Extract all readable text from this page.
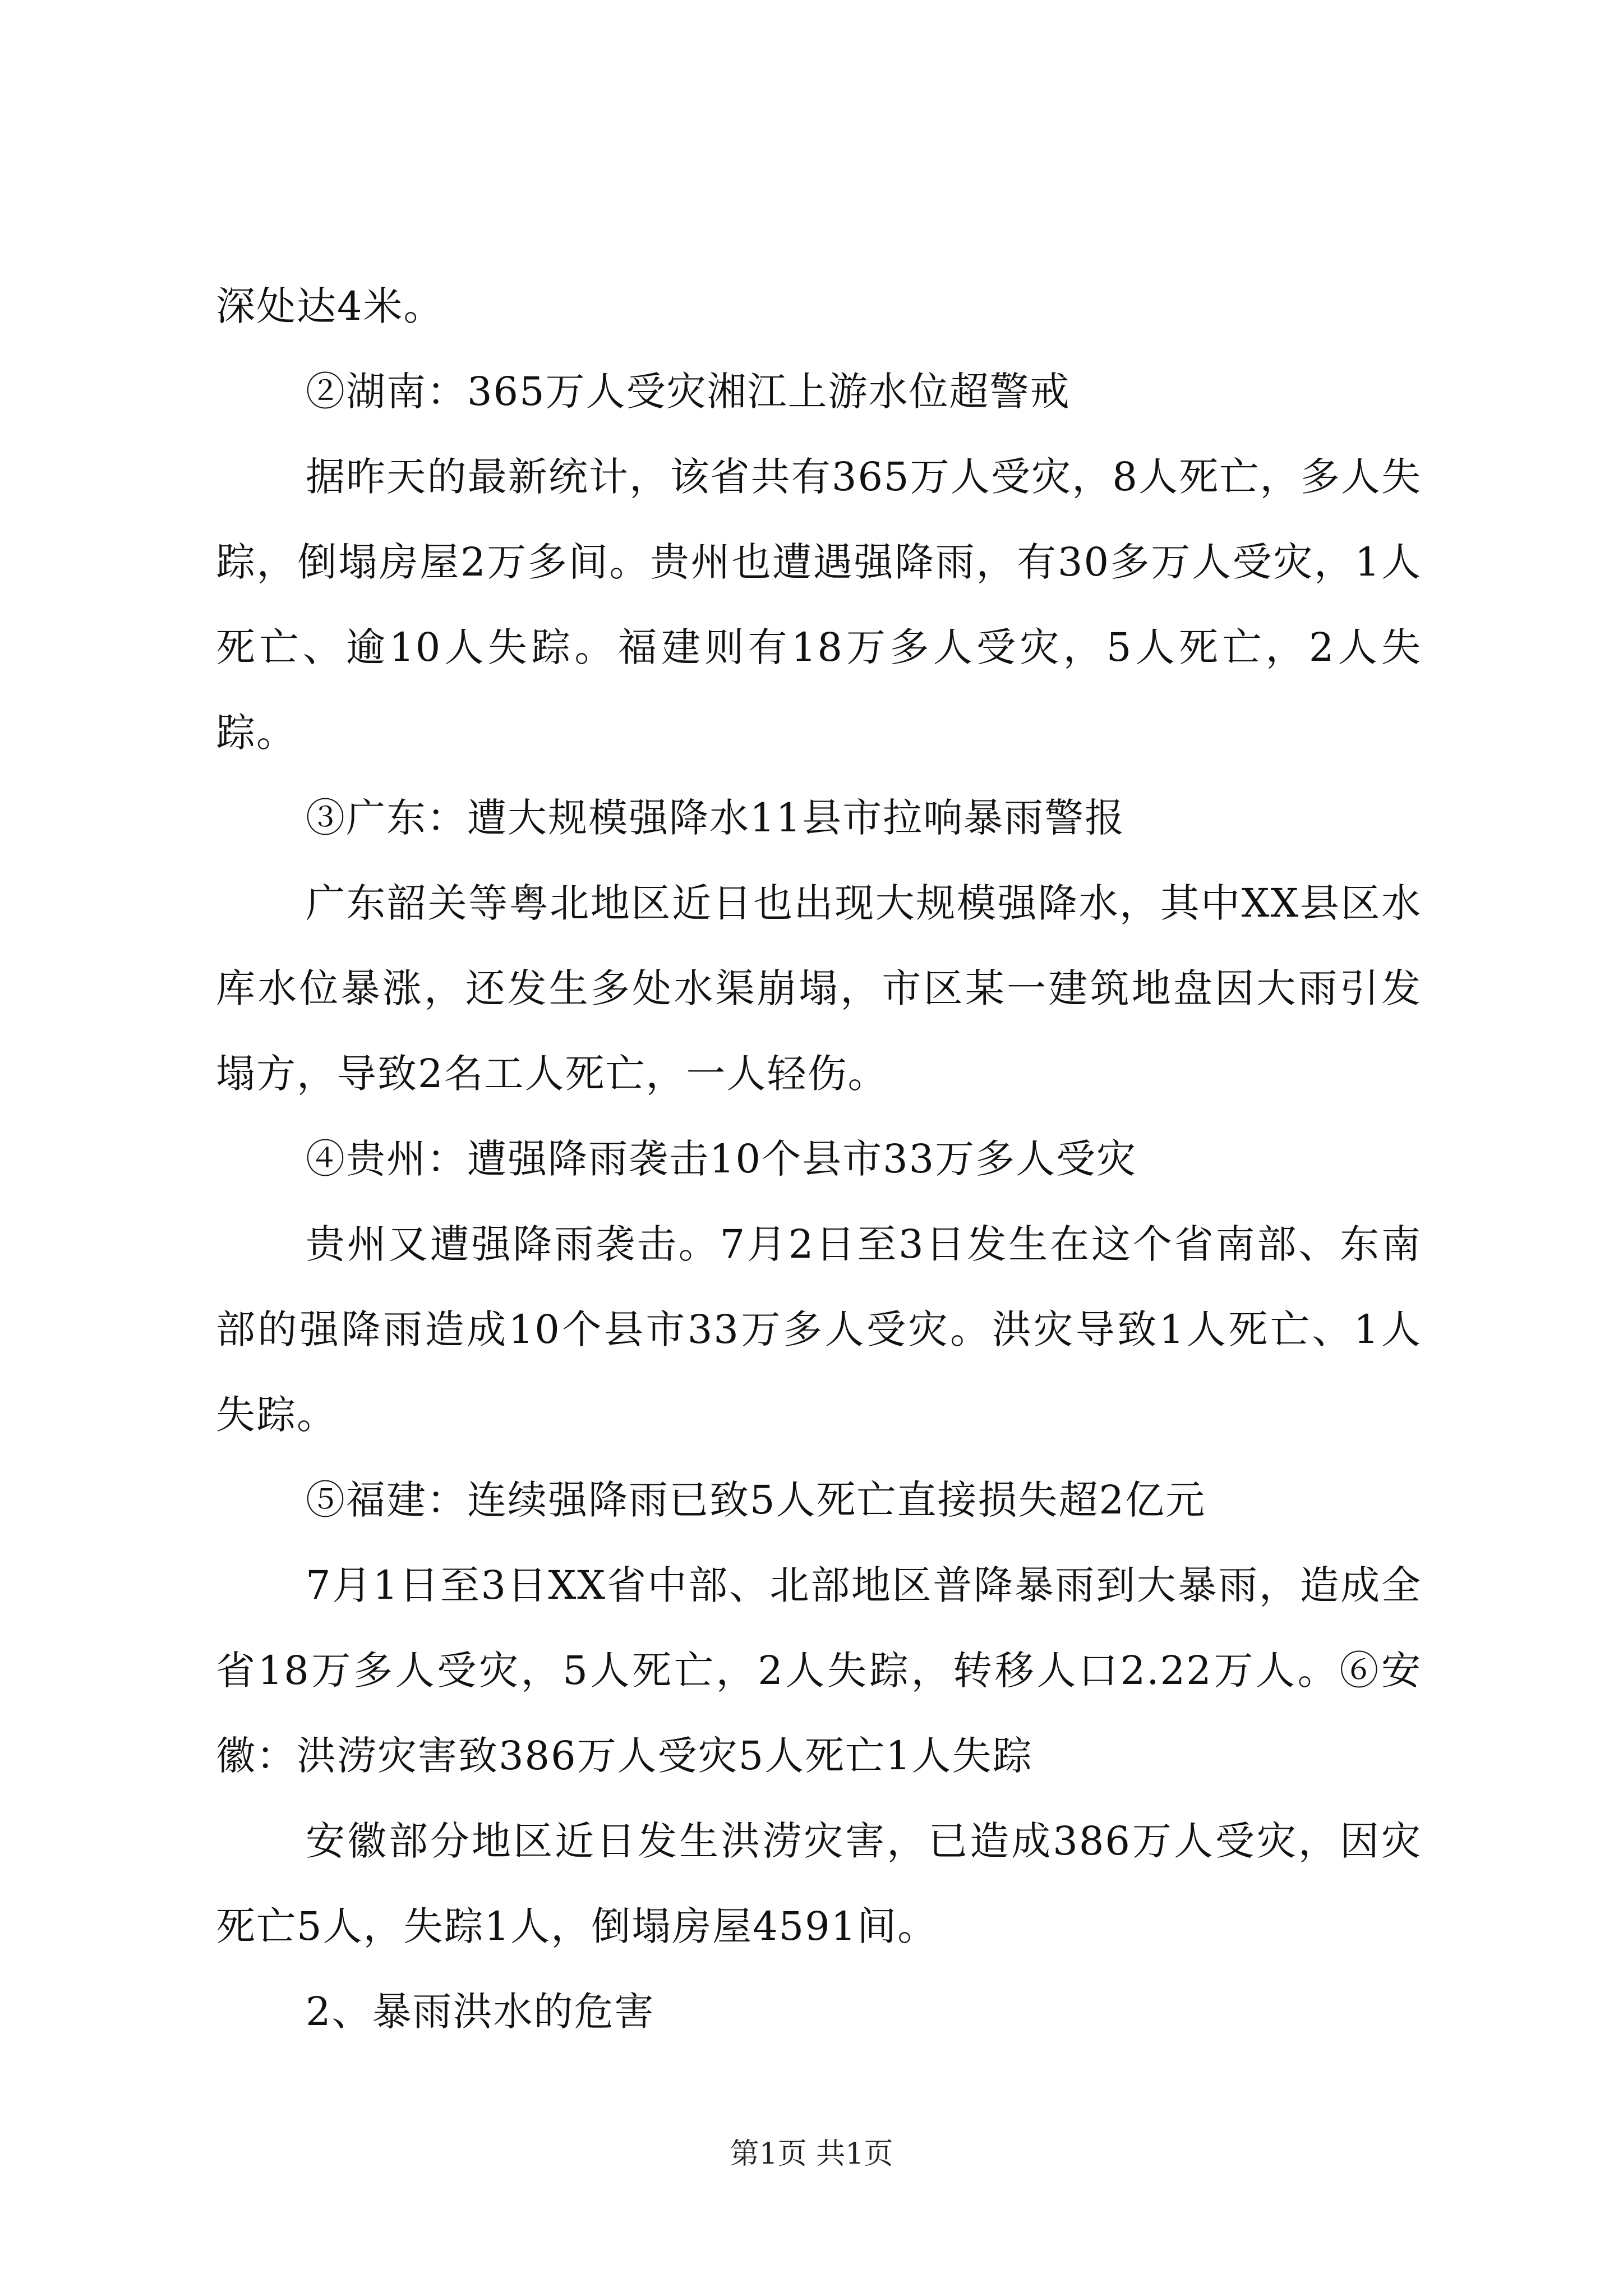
深处达4米。

②湖南：365万人受灾湘江上游水位超警戒

据昨天的最新统计，该省共有365万人受灾，8人死亡，多人失踪，倒塌房屋2万多间。贵州也遭遇强降雨，有30多万人受灾，1人死亡、逾10人失踪。福建则有18万多人受灾，5人死亡，2人失踪。

③广东：遭大规模强降水11县市拉响暴雨警报

广东韶关等粤北地区近日也出现大规模强降水，其中XX县区水库水位暴涨，还发生多处水渠崩塌，市区某一建筑地盘因大雨引发塌方，导致2名工人死亡，一人轻伤。

④贵州：遭强降雨袭击10个县市33万多人受灾

贵州又遭强降雨袭击。7月2日至3日发生在这个省南部、东南部的强降雨造成10个县市33万多人受灾。洪灾导致1人死亡、1人失踪。

⑤福建：连续强降雨已致5人死亡直接损失超2亿元

7月1日至3日XX省中部、北部地区普降暴雨到大暴雨，造成全省18万多人受灾，5人死亡，2人失踪，转移人口2.22万人。⑥安徽：洪涝灾害致386万人受灾5人死亡1人失踪

安徽部分地区近日发生洪涝灾害，已造成386万人受灾，因灾死亡5人，失踪1人，倒塌房屋4591间。

2、暴雨洪水的危害

第1页 共1页
